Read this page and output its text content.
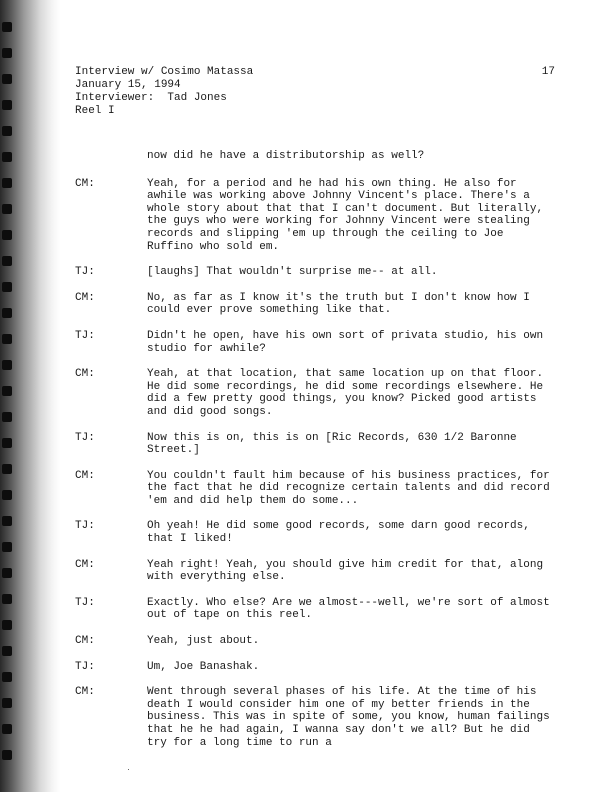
Interview w/ Cosimo Matassa	17
January 15, 1994
Interviewer:  Tad Jones
Reel I
now did he have a distributorship as well?
CM:	Yeah, for a period and he had his own thing. He also for awhile was working above Johnny Vincent's place. There's a whole story about that that I can't document. But literally, the guys who were working for Johnny Vincent were stealing records and slipping 'em up through the ceiling to Joe Ruffino who sold em.
TJ:	[laughs] That wouldn't surprise me-- at all.
CM:	No, as far as I know it's the truth but I don't know how I could ever prove something like that.
TJ:	Didn't he open, have his own sort of privata studio, his own studio for awhile?
CM:	Yeah, at that location, that same location up on that floor. He did some recordings, he did some recordings elsewhere. He did a few pretty good things, you know? Picked good artists and did good songs.
TJ:	Now this is on, this is on [Ric Records, 630 1/2 Baronne Street.]
CM:	You couldn't fault him because of his business practices, for the fact that he did recognize certain talents and did record 'em and did help them do some...
TJ:	Oh yeah! He did some good records, some darn good records, that I liked!
CM:	Yeah right! Yeah, you should give him credit for that, along with everything else.
TJ:	Exactly. Who else? Are we almost---well, we're sort of almost out of tape on this reel.
CM:	Yeah, just about.
TJ:	Um, Joe Banashak.
CM:	Went through several phases of his life. At the time of his death I would consider him one of my better friends in the business. This was in spite of some, you know, human failings that he he had again, I wanna say don't we all? But he did try for a long time to run a
